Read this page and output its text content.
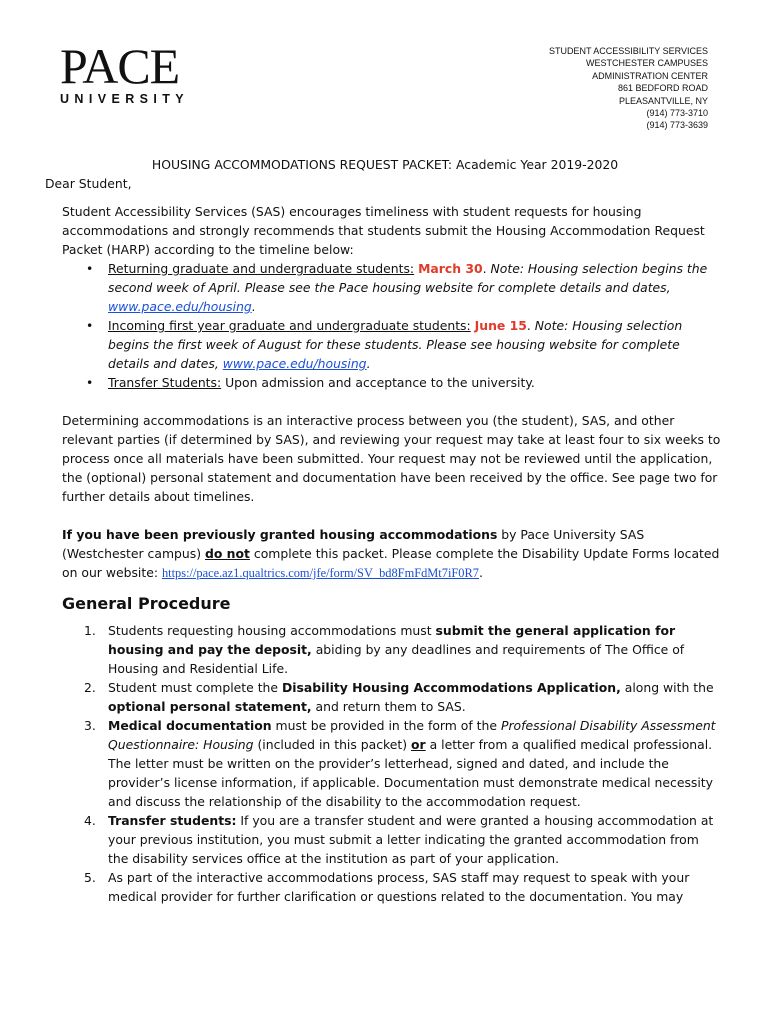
PACE
UNIVERSITY
STUDENT ACCESSIBILITY SERVICES
WESTCHESTER CAMPUSES
ADMINISTRATION CENTER
861 BEDFORD ROAD
PLEASANTVILLE, NY
(914) 773-3710
(914) 773-3639
HOUSING ACCOMMODATIONS REQUEST PACKET: Academic Year 2019-2020
Dear Student,

Student Accessibility Services (SAS) encourages timeliness with student requests for housing accommodations and strongly recommends that students submit the Housing Accommodation Request Packet (HARP) according to the timeline below:

• Returning graduate and undergraduate students: March 30. Note: Housing selection begins the second week of April. Please see the Pace housing website for complete details and dates, www.pace.edu/housing.
• Incoming first year graduate and undergraduate students: June 15. Note: Housing selection begins the first week of August for these students. Please see housing website for complete details and dates, www.pace.edu/housing.
• Transfer Students: Upon admission and acceptance to the university.

Determining accommodations is an interactive process between you (the student), SAS, and other relevant parties (if determined by SAS), and reviewing your request may take at least four to six weeks to process once all materials have been submitted. Your request may not be reviewed until the application, the (optional) personal statement and documentation have been received by the office. See page two for further details about timelines.

If you have been previously granted housing accommodations by Pace University SAS (Westchester campus) do not complete this packet. Please complete the Disability Update Forms located on our website: https://pace.az1.qualtrics.com/jfe/form/SV_bd8FmFdMt7iF0R7.

General Procedure
1. Students requesting housing accommodations must submit the general application for housing and pay the deposit, abiding by any deadlines and requirements of The Office of Housing and Residential Life.
2. Student must complete the Disability Housing Accommodations Application, along with the optional personal statement, and return them to SAS.
3. Medical documentation must be provided in the form of the Professional Disability Assessment Questionnaire: Housing (included in this packet) or a letter from a qualified medical professional. The letter must be written on the provider’s letterhead, signed and dated, and include the provider’s license information, if applicable. Documentation must demonstrate medical necessity and discuss the relationship of the disability to the accommodation request.
4. Transfer students: If you are a transfer student and were granted a housing accommodation at your previous institution, you must submit a letter indicating the granted accommodation from the disability services office at the institution as part of your application.
5. As part of the interactive accommodations process, SAS staff may request to speak with your medical provider for further clarification or questions related to the documentation. You may
